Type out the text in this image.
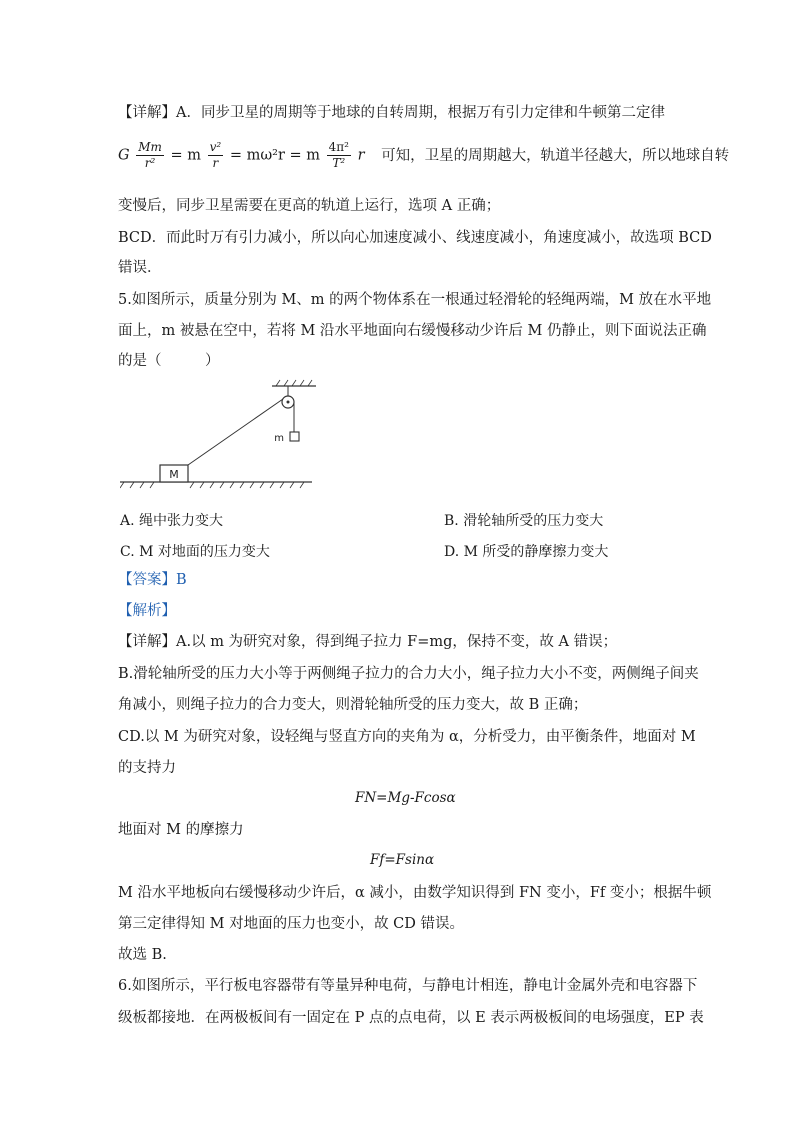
【详解】A．同步卫星的周期等于地球的自转周期，根据万有引力定律和牛顿第二定律
G $\frac{Mm}{\text{r²}} = m \frac{\text{v²}}{r} = m\omega^2r = m \frac{\text{4π²}}{\text{T²}}$ r 可知，卫星的周期越大，轨道半径越大，所以地球自转
变慢后，同步卫星需要在更高的轨道上运行，选项 A 正确；
BCD．而此时万有引力减小，所以向心加速度减小、线速度减小，角速度减小，故选项 BCD
错误．
5.如图所示，质量分别为 M、m 的两个物体系在一根通过轻滑轮的轻绳两端，M 放在水平地
面上，m 被悬在空中，若将 M 沿水平地面向右缓慢移动少许后 M 仍静止，则下面说法正确
的是（　　　）
M
m
A. 绳中张力变大	B. 滑轮轴所受的压力变大
C. M 对地面的压力变大	D. M 所受的静摩擦力变大
【答案】B
【解析】
【详解】A.以 m 为研究对象，得到绳子拉力 F=mg，保持不变，故 A 错误；
B.滑轮轴所受的压力大小等于两侧绳子拉力的合力大小，绳子拉力大小不变，两侧绳子间夹
角减小，则绳子拉力的合力变大，则滑轮轴所受的压力变大，故 B 正确；
CD.以 M 为研究对象，设轻绳与竖直方向的夹角为 α，分析受力，由平衡条件，地面对 M
的支持力
FN=Mg-Fcosα
地面对 M 的摩擦力
Ff=Fsinα
M 沿水平地板向右缓慢移动少许后，α 减小，由数学知识得到 FN 变小，Ff 变小；根据牛顿
第三定律得知 M 对地面的压力也变小，故 CD 错误。
故选 B.
6.如图所示，平行板电容器带有等量异种电荷，与静电计相连，静电计金属外壳和电容器下
级板都接地．在两极板间有一固定在 P 点的点电荷，以 E 表示两极板间的电场强度，EP 表
